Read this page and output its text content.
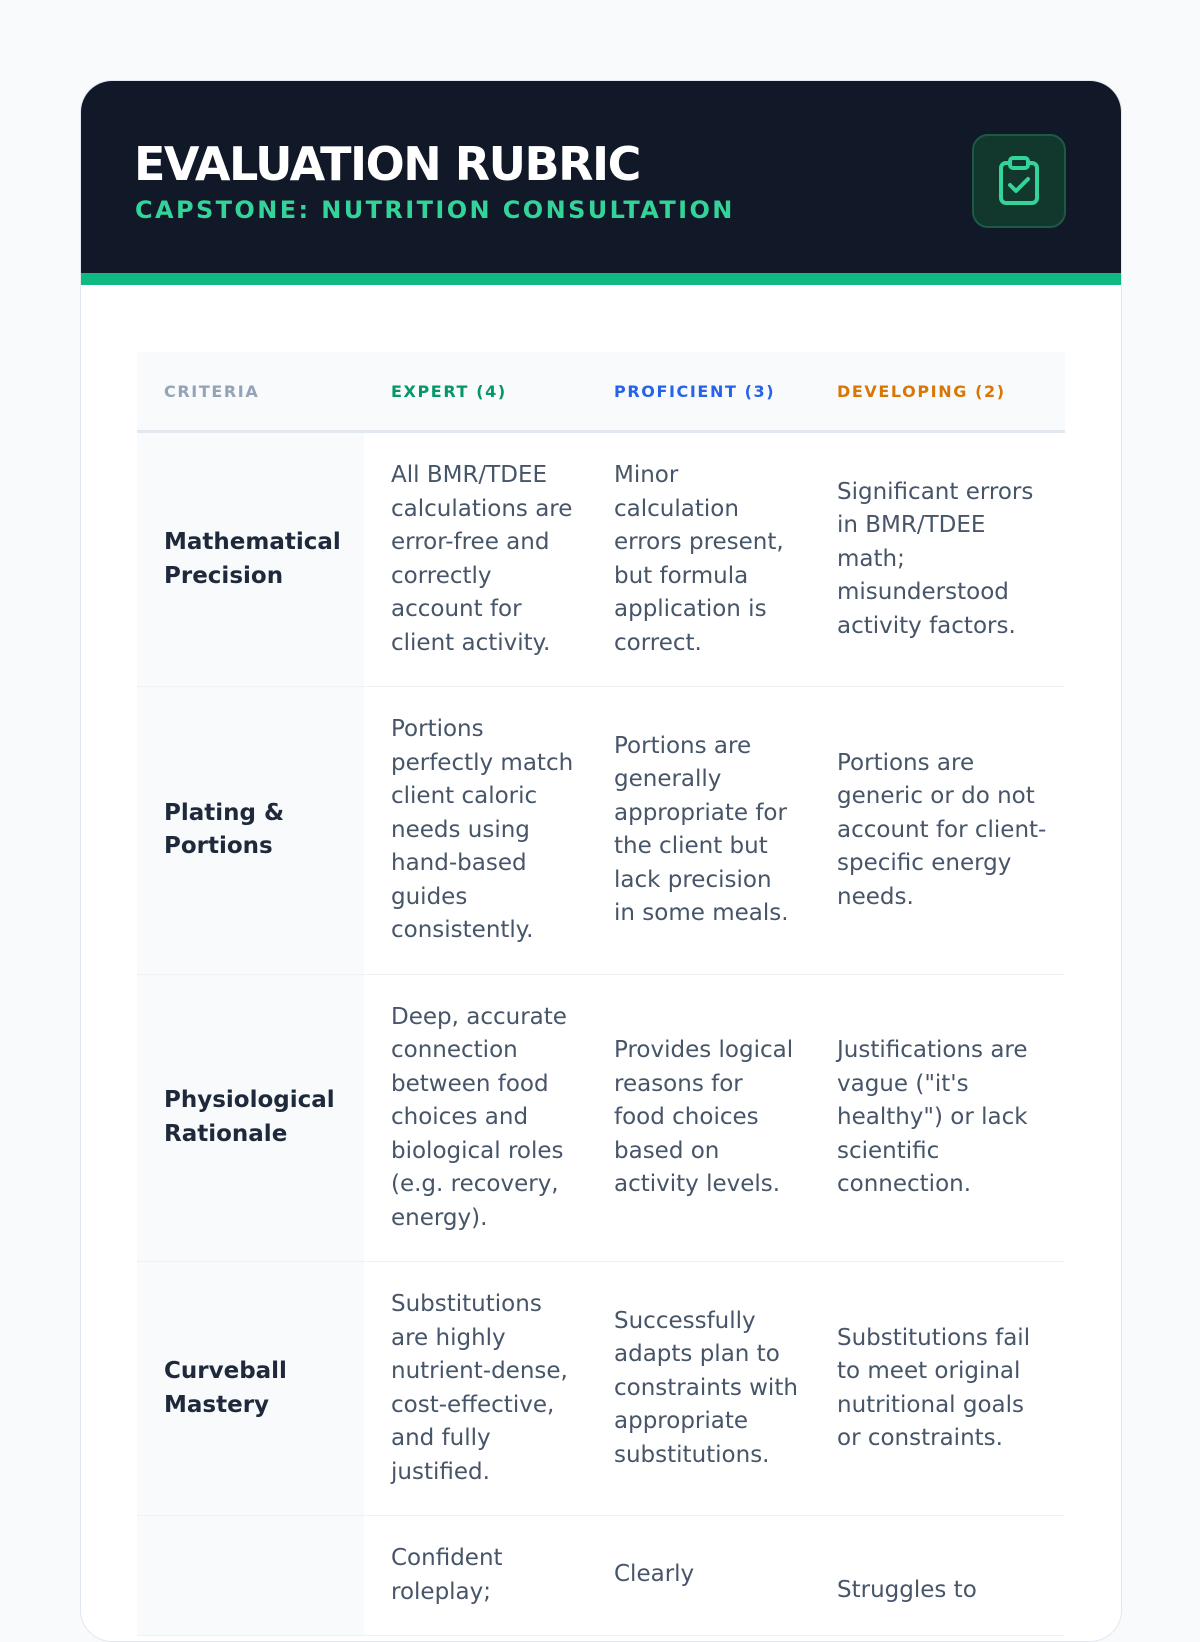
EVALUATION RUBRIC
CAPSTONE: NUTRITION CONSULTATION
CRITERIA	EXPERT (4)	PROFICIENT (3)	DEVELOPING (2)
Mathematical Precision	All BMR/TDEE calculations are error-free and correctly account for client activity.	Minor calculation errors present, but formula application is correct.	Significant errors in BMR/TDEE math; misunderstood activity factors.
Plating & Portions	Portions perfectly match client caloric needs using hand-based guides consistently.	Portions are generally appropriate for the client but lack precision in some meals.	Portions are generic or do not account for client-specific energy needs.
Physiological Rationale	Deep, accurate connection between food choices and biological roles (e.g. recovery, energy).	Provides logical reasons for food choices based on activity levels.	Justifications are vague ("it's healthy") or lack scientific connection.
Curveball Mastery	Substitutions are highly nutrient-dense, cost-effective, and fully justified.	Successfully adapts plan to constraints with appropriate substitutions.	Substitutions fail to meet original nutritional goals or constraints.
	Confident roleplay;	Clearly	Struggles to
